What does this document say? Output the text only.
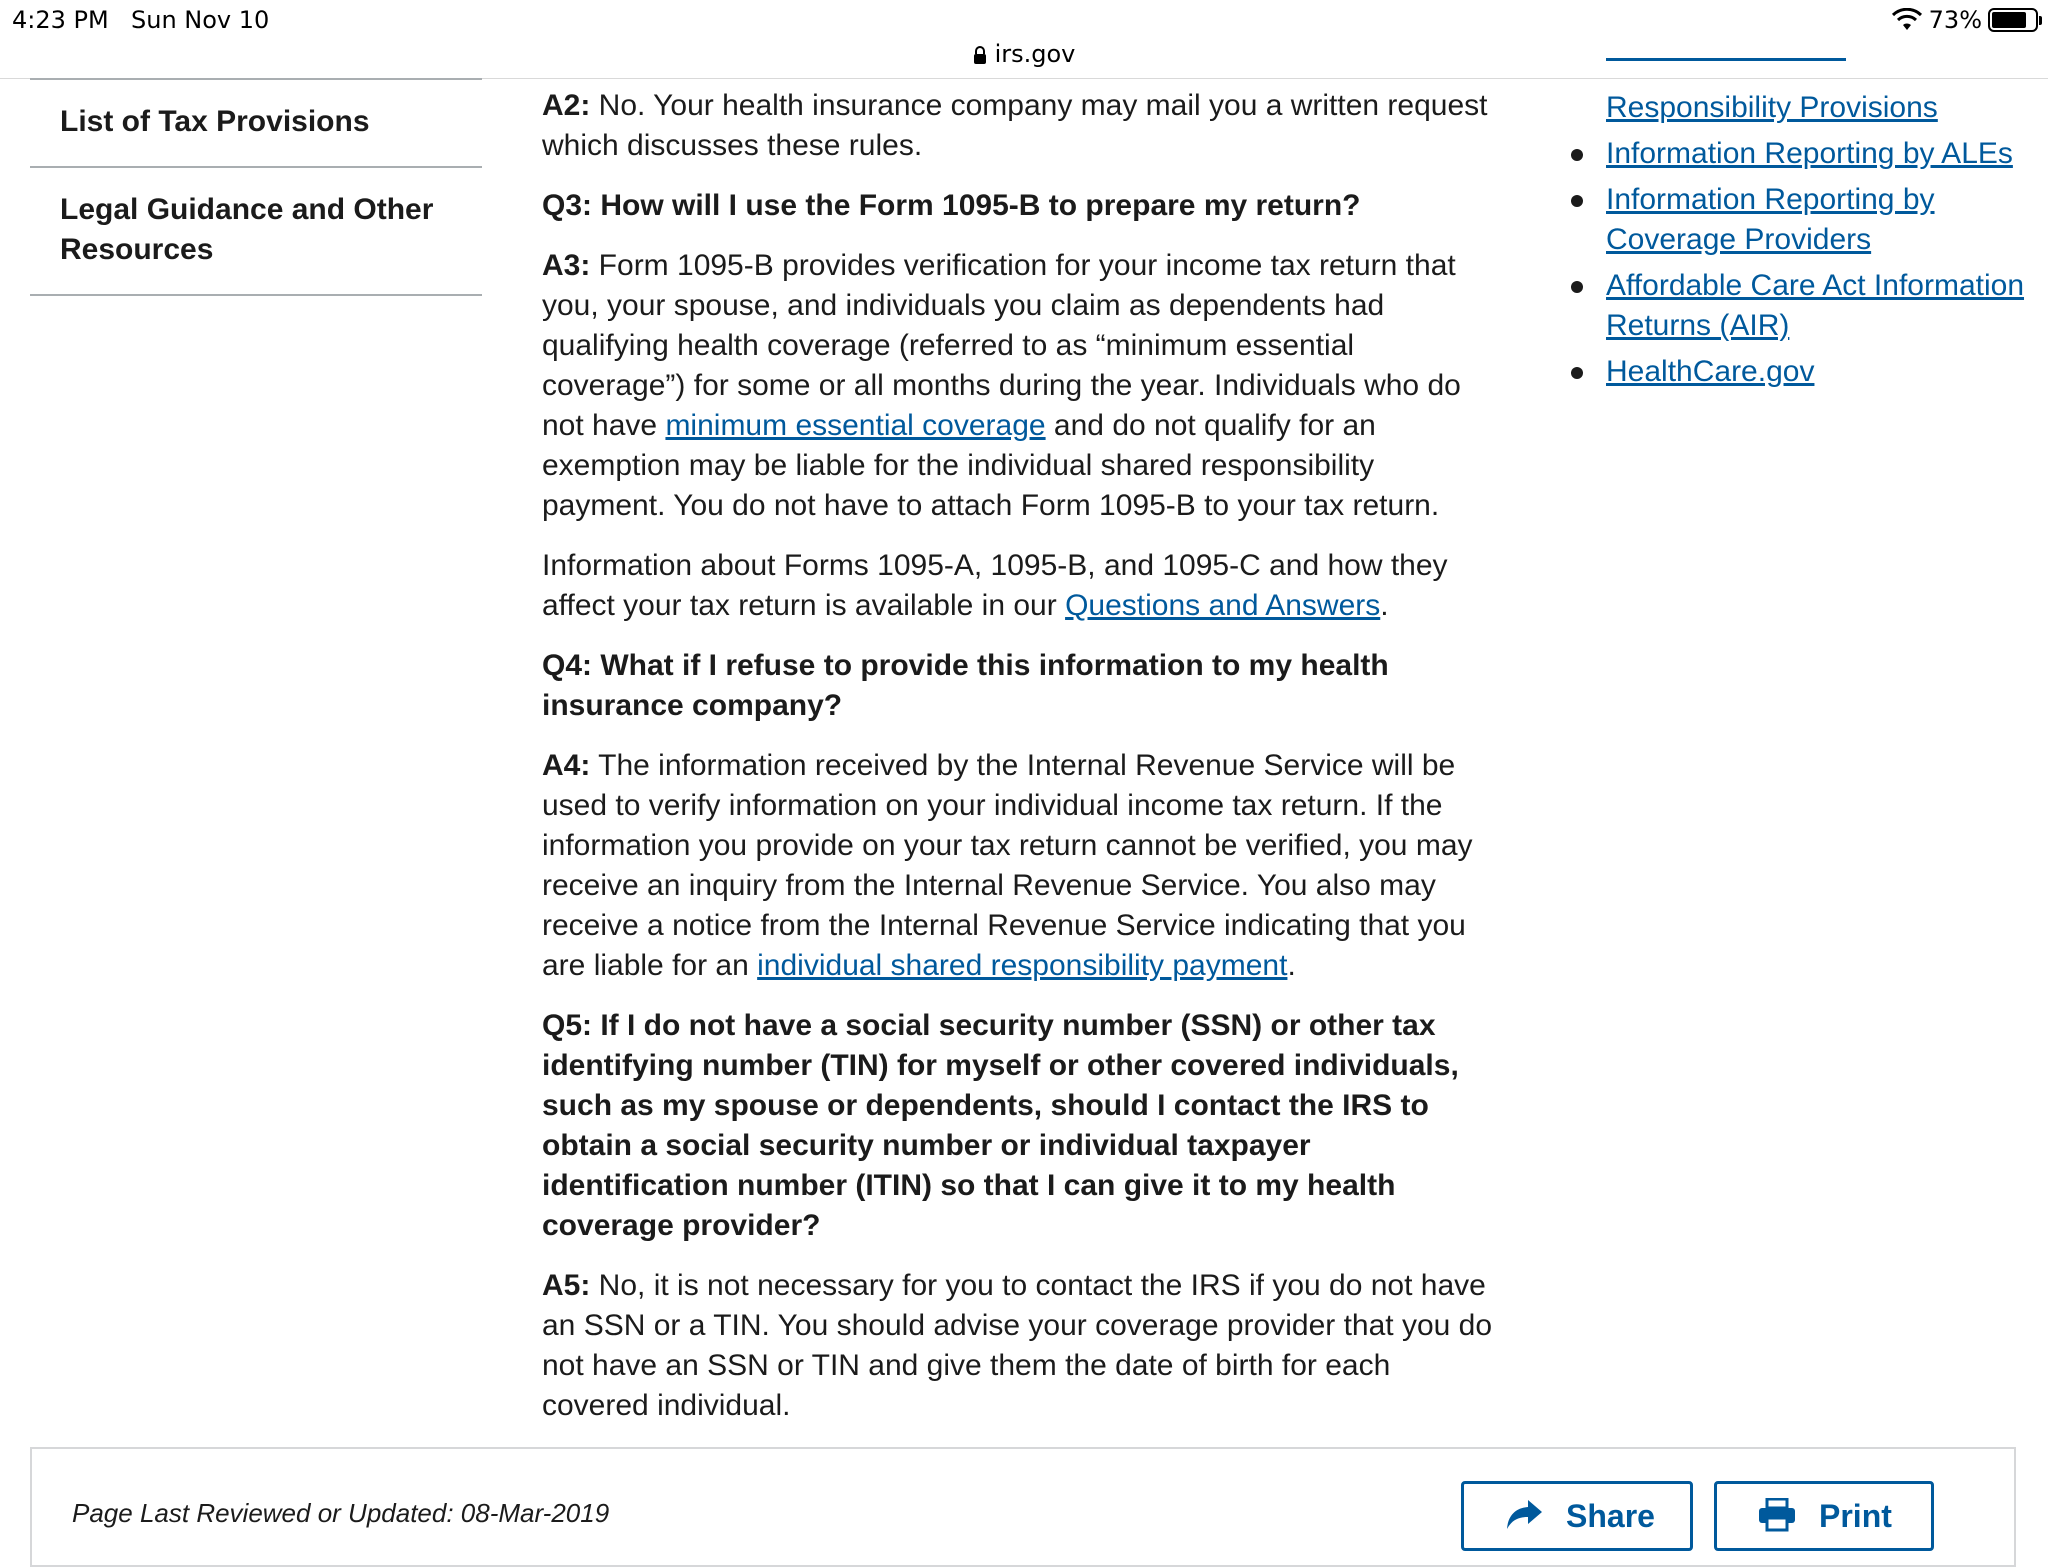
4:23 PM Sun Nov 10	73%
irs.gov
List of Tax Provisions
Legal Guidance and Other Resources

A2: No. Your health insurance company may mail you a written request which discusses these rules.

Q3: How will I use the Form 1095-B to prepare my return?

A3: Form 1095-B provides verification for your income tax return that you, your spouse, and individuals you claim as dependents had qualifying health coverage (referred to as “minimum essential coverage”) for some or all months during the year. Individuals who do not have minimum essential coverage and do not qualify for an exemption may be liable for the individual shared responsibility payment. You do not have to attach Form 1095-B to your tax return.

Information about Forms 1095-A, 1095-B, and 1095-C and how they affect your tax return is available in our Questions and Answers.

Q4: What if I refuse to provide this information to my health insurance company?

A4: The information received by the Internal Revenue Service will be used to verify information on your individual income tax return. If the information you provide on your tax return cannot be verified, you may receive an inquiry from the Internal Revenue Service. You also may receive a notice from the Internal Revenue Service indicating that you are liable for an individual shared responsibility payment.

Q5: If I do not have a social security number (SSN) or other tax identifying number (TIN) for myself or other covered individuals, such as my spouse or dependents, should I contact the IRS to obtain a social security number or individual taxpayer identification number (ITIN) so that I can give it to my health coverage provider?

A5: No, it is not necessary for you to contact the IRS if you do not have an SSN or a TIN. You should advise your coverage provider that you do not have an SSN or TIN and give them the date of birth for each covered individual.

Responsibility Provisions
Information Reporting by ALEs
Information Reporting by Coverage Providers
Affordable Care Act Information Returns (AIR)
HealthCare.gov
Page Last Reviewed or Updated: 08-Mar-2019	Share	Print
